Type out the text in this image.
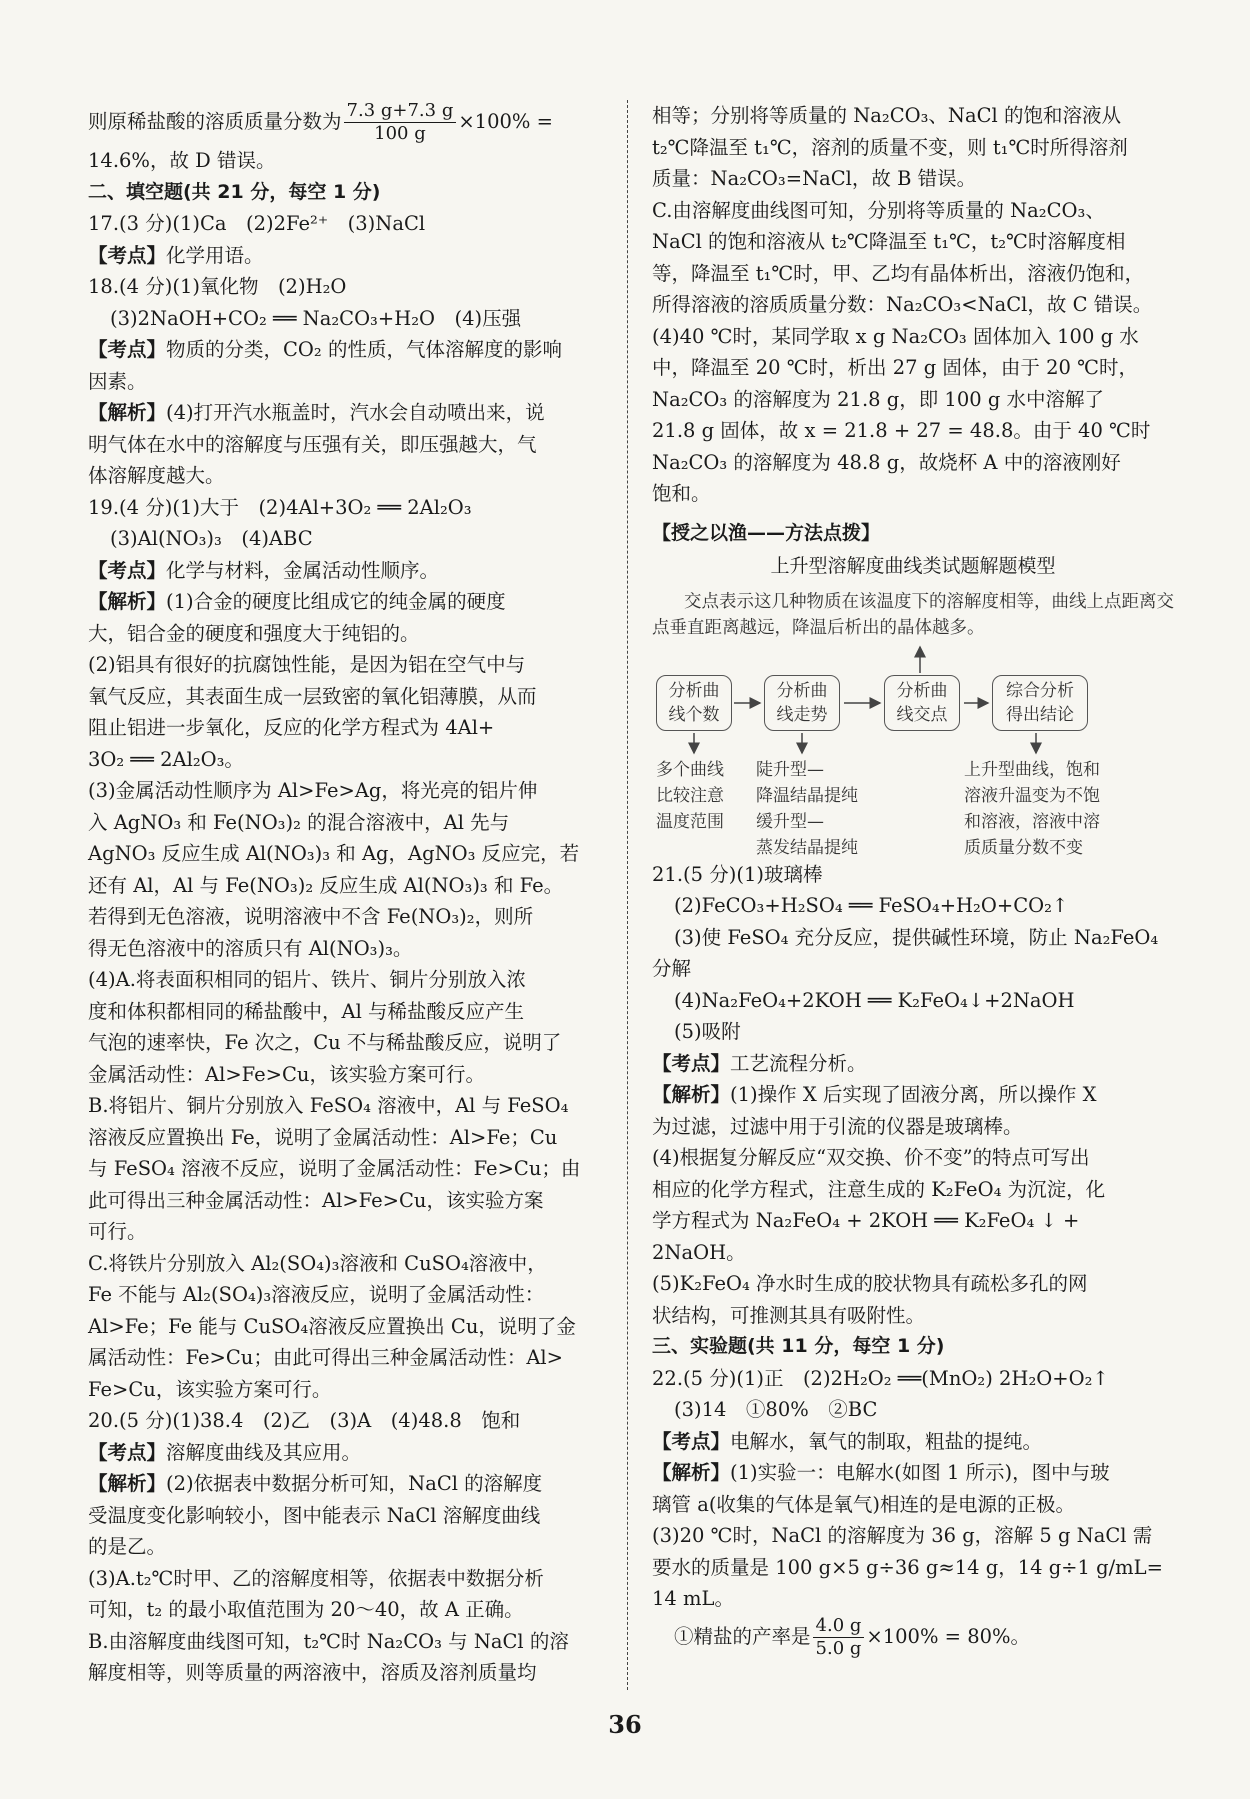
则原稀盐酸的溶质质量分数为 $\frac{7.3 g+7.3 g}{100 g} \times 100\%$ =

14.6%，故 D 错误。

二、填空题(共 21 分，每空 1 分)

17.(3 分)(1)Ca　(2)2Fe²⁺　(3)NaCl

【考点】化学用语。

18.(4 分)(1)氧化物　(2)H₂O

(3)2NaOH+CO₂ ══ Na₂CO₃+H₂O　(4)压强

【考点】物质的分类，CO₂ 的性质，气体溶解度的影响

因素。

【解析】(4)打开汽水瓶盖时，汽水会自动喷出来，说

明气体在水中的溶解度与压强有关，即压强越大，气

体溶解度越大。

19.(4 分)(1)大于　(2)4Al+3O₂ ══ 2Al₂O₃

(3)Al(NO₃)₃　(4)ABC

【考点】化学与材料，金属活动性顺序。

【解析】(1)合金的硬度比组成它的纯金属的硬度

大，铝合金的硬度和强度大于纯铝的。

(2)铝具有很好的抗腐蚀性能，是因为铝在空气中与

氧气反应，其表面生成一层致密的氧化铝薄膜，从而

阻止铝进一步氧化，反应的化学方程式为 4Al+

3O₂ ══ 2Al₂O₃。

(3)金属活动性顺序为 Al>Fe>Ag，将光亮的铝片伸

入 AgNO₃ 和 Fe(NO₃)₂ 的混合溶液中，Al 先与

AgNO₃ 反应生成 Al(NO₃)₃ 和 Ag，AgNO₃ 反应完，若

还有 Al，Al 与 Fe(NO₃)₂ 反应生成 Al(NO₃)₃ 和 Fe。

若得到无色溶液，说明溶液中不含 Fe(NO₃)₂，则所

得无色溶液中的溶质只有 Al(NO₃)₃。

(4)A.将表面积相同的铝片、铁片、铜片分别放入浓

度和体积都相同的稀盐酸中，Al 与稀盐酸反应产生

气泡的速率快，Fe 次之，Cu 不与稀盐酸反应，说明了

金属活动性：Al>Fe>Cu，该实验方案可行。

B.将铝片、铜片分别放入 FeSO₄ 溶液中，Al 与 FeSO₄

溶液反应置换出 Fe，说明了金属活动性：Al>Fe；Cu

与 FeSO₄ 溶液不反应，说明了金属活动性：Fe>Cu；由

此可得出三种金属活动性：Al>Fe>Cu，该实验方案

可行。

C.将铁片分别放入 Al₂(SO₄)₃溶液和 CuSO₄溶液中，

Fe 不能与 Al₂(SO₄)₃溶液反应，说明了金属活动性：

Al>Fe；Fe 能与 CuSO₄溶液反应置换出 Cu，说明了金

属活动性：Fe>Cu；由此可得出三种金属活动性：Al>

Fe>Cu，该实验方案可行。

20.(5 分)(1)38.4　(2)乙　(3)A　(4)48.8　饱和

【考点】溶解度曲线及其应用。

【解析】(2)依据表中数据分析可知，NaCl 的溶解度

受温度变化影响较小，图中能表示 NaCl 溶解度曲线

的是乙。

(3)A.t₂℃时甲、乙的溶解度相等，依据表中数据分析

可知，t₂ 的最小取值范围为 20～40，故 A 正确。

B.由溶解度曲线图可知，t₂℃时 Na₂CO₃ 与 NaCl 的溶

解度相等，则等质量的两溶液中，溶质及溶剂质量均

相等；分别将等质量的 Na₂CO₃、NaCl 的饱和溶液从

t₂℃降温至 t₁℃，溶剂的质量不变，则 t₁℃时所得溶剂

质量：Na₂CO₃=NaCl，故 B 错误。

C.由溶解度曲线图可知，分别将等质量的 Na₂CO₃、

NaCl 的饱和溶液从 t₂℃降温至 t₁℃，t₂℃时溶解度相

等，降温至 t₁℃时，甲、乙均有晶体析出，溶液仍饱和，

所得溶液的溶质质量分数：Na₂CO₃<NaCl，故 C 错误。

(4)40 ℃时，某同学取 x g Na₂CO₃ 固体加入 100 g 水

中，降温至 20 ℃时，析出 27 g 固体，由于 20 ℃时，

Na₂CO₃ 的溶解度为 21.8 g，即 100 g 水中溶解了

21.8 g 固体，故 x = 21.8 + 27 = 48.8。由于 40 ℃时

Na₂CO₃ 的溶解度为 48.8 g，故烧杯 A 中的溶液刚好

饱和。

【授之以渔——方法点拨】

上升型溶解度曲线类试题解题模型

交点表示这几种物质在该温度下的溶解度相等，曲线上点距离交点垂直距离越远，降温后析出的晶体越多。
分析曲
线个数
分析曲
线走势
分析曲
线交点
综合分析
得出结论
多个曲线
比较注意
温度范围
陡升型—
降温结晶提纯
缓升型—
蒸发结晶提纯
上升型曲线，饱和
溶液升温变为不饱
和溶液，溶液中溶
质质量分数不变

21.(5 分)(1)玻璃棒

(2)FeCO₃+H₂SO₄ ══ FeSO₄+H₂O+CO₂↑

(3)使 FeSO₄ 充分反应，提供碱性环境，防止 Na₂FeO₄

分解

(4)Na₂FeO₄+2KOH ══ K₂FeO₄↓+2NaOH

(5)吸附

【考点】工艺流程分析。

【解析】(1)操作 X 后实现了固液分离，所以操作 X

为过滤，过滤中用于引流的仪器是玻璃棒。

(4)根据复分解反应“双交换、价不变”的特点可写出

相应的化学方程式，注意生成的 K₂FeO₄ 为沉淀，化

学方程式为 Na₂FeO₄ + 2KOH ══ K₂FeO₄ ↓ +

2NaOH。

(5)K₂FeO₄ 净水时生成的胶状物具有疏松多孔的网

状结构，可推测其具有吸附性。

三、实验题(共 11 分，每空 1 分)

22.(5 分)(1)正　(2)2H₂O₂ ══(MnO₂) 2H₂O+O₂↑

(3)14　①80%　②BC

【考点】电解水，氧气的制取，粗盐的提纯。

【解析】(1)实验一：电解水(如图 1 所示)，图中与玻

璃管 a(收集的气体是氧气)相连的是电源的正极。

(3)20 ℃时，NaCl 的溶解度为 36 g，溶解 5 g NaCl 需

要水的质量是 100 g×5 g÷36 g≈14 g，14 g÷1 g/mL=

14 mL。

①精盐的产率是 $\frac{4.0 g}{5.0 g} \times 100\% = 80\%$。

36
